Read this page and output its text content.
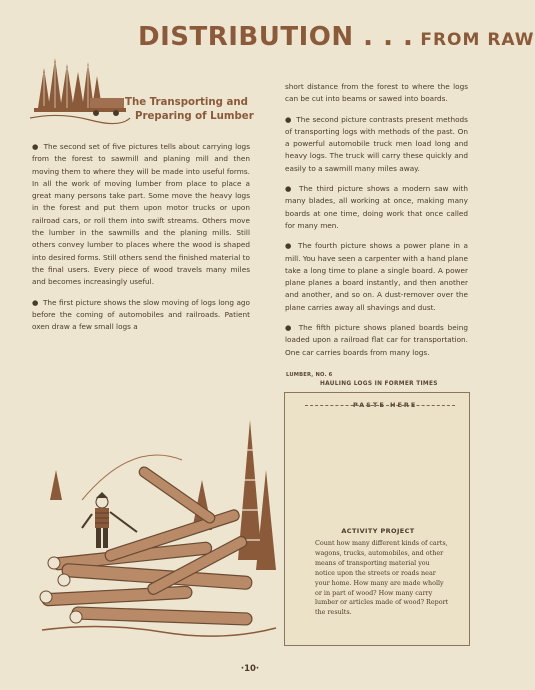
DISTRIBUTION . . . FROM RAW
The Transporting and
Preparing of Lumber

● The second set of five pictures tells about carrying logs from the forest to sawmill and planing mill and then moving them to where they will be made into useful forms. In all the work of moving lumber from place to place a great many persons take part. Some move the heavy logs in the forest and put them upon motor trucks or upon railroad cars, or roll them into swift streams. Others move the lumber in the sawmills and the planing mills. Still others convey lumber to places where the wood is shaped into desired forms. Still others send the finished material to the final users. Every piece of wood travels many miles and becomes increasingly useful.

● The first picture shows the slow moving of logs long ago before the coming of automobiles and railroads. Patient oxen draw a few small logs a

short distance from the forest to where the logs can be cut into beams or sawed into boards.

● The second picture contrasts present methods of transporting logs with methods of the past. On a powerful automobile truck men load long and heavy logs. The truck will carry these quickly and easily to a sawmill many miles away.

● The third picture shows a modern saw with many blades, all working at once, making many boards at one time, doing work that once called for many men.

● The fourth picture shows a power plane in a mill. You have seen a carpenter with a hand plane take a long time to plane a single board. A power plane planes a board instantly, and then another and another, and so on. A dust-remover over the plane carries away all shavings and dust.

● The fifth picture shows planed boards being loaded upon a railroad flat car for transportation. One car carries boards from many logs.

LUMBER, NO. 6
HAULING LOGS IN FORMER TIMES
PASTE HERE
ACTIVITY PROJECT
Count how many different kinds of carts, wagons, trucks, automobiles, and other means of transporting material you notice upon the streets or roads near your home. How many are made wholly or in part of wood? How many carry lumber or articles made of wood? Report the results.
·10·
